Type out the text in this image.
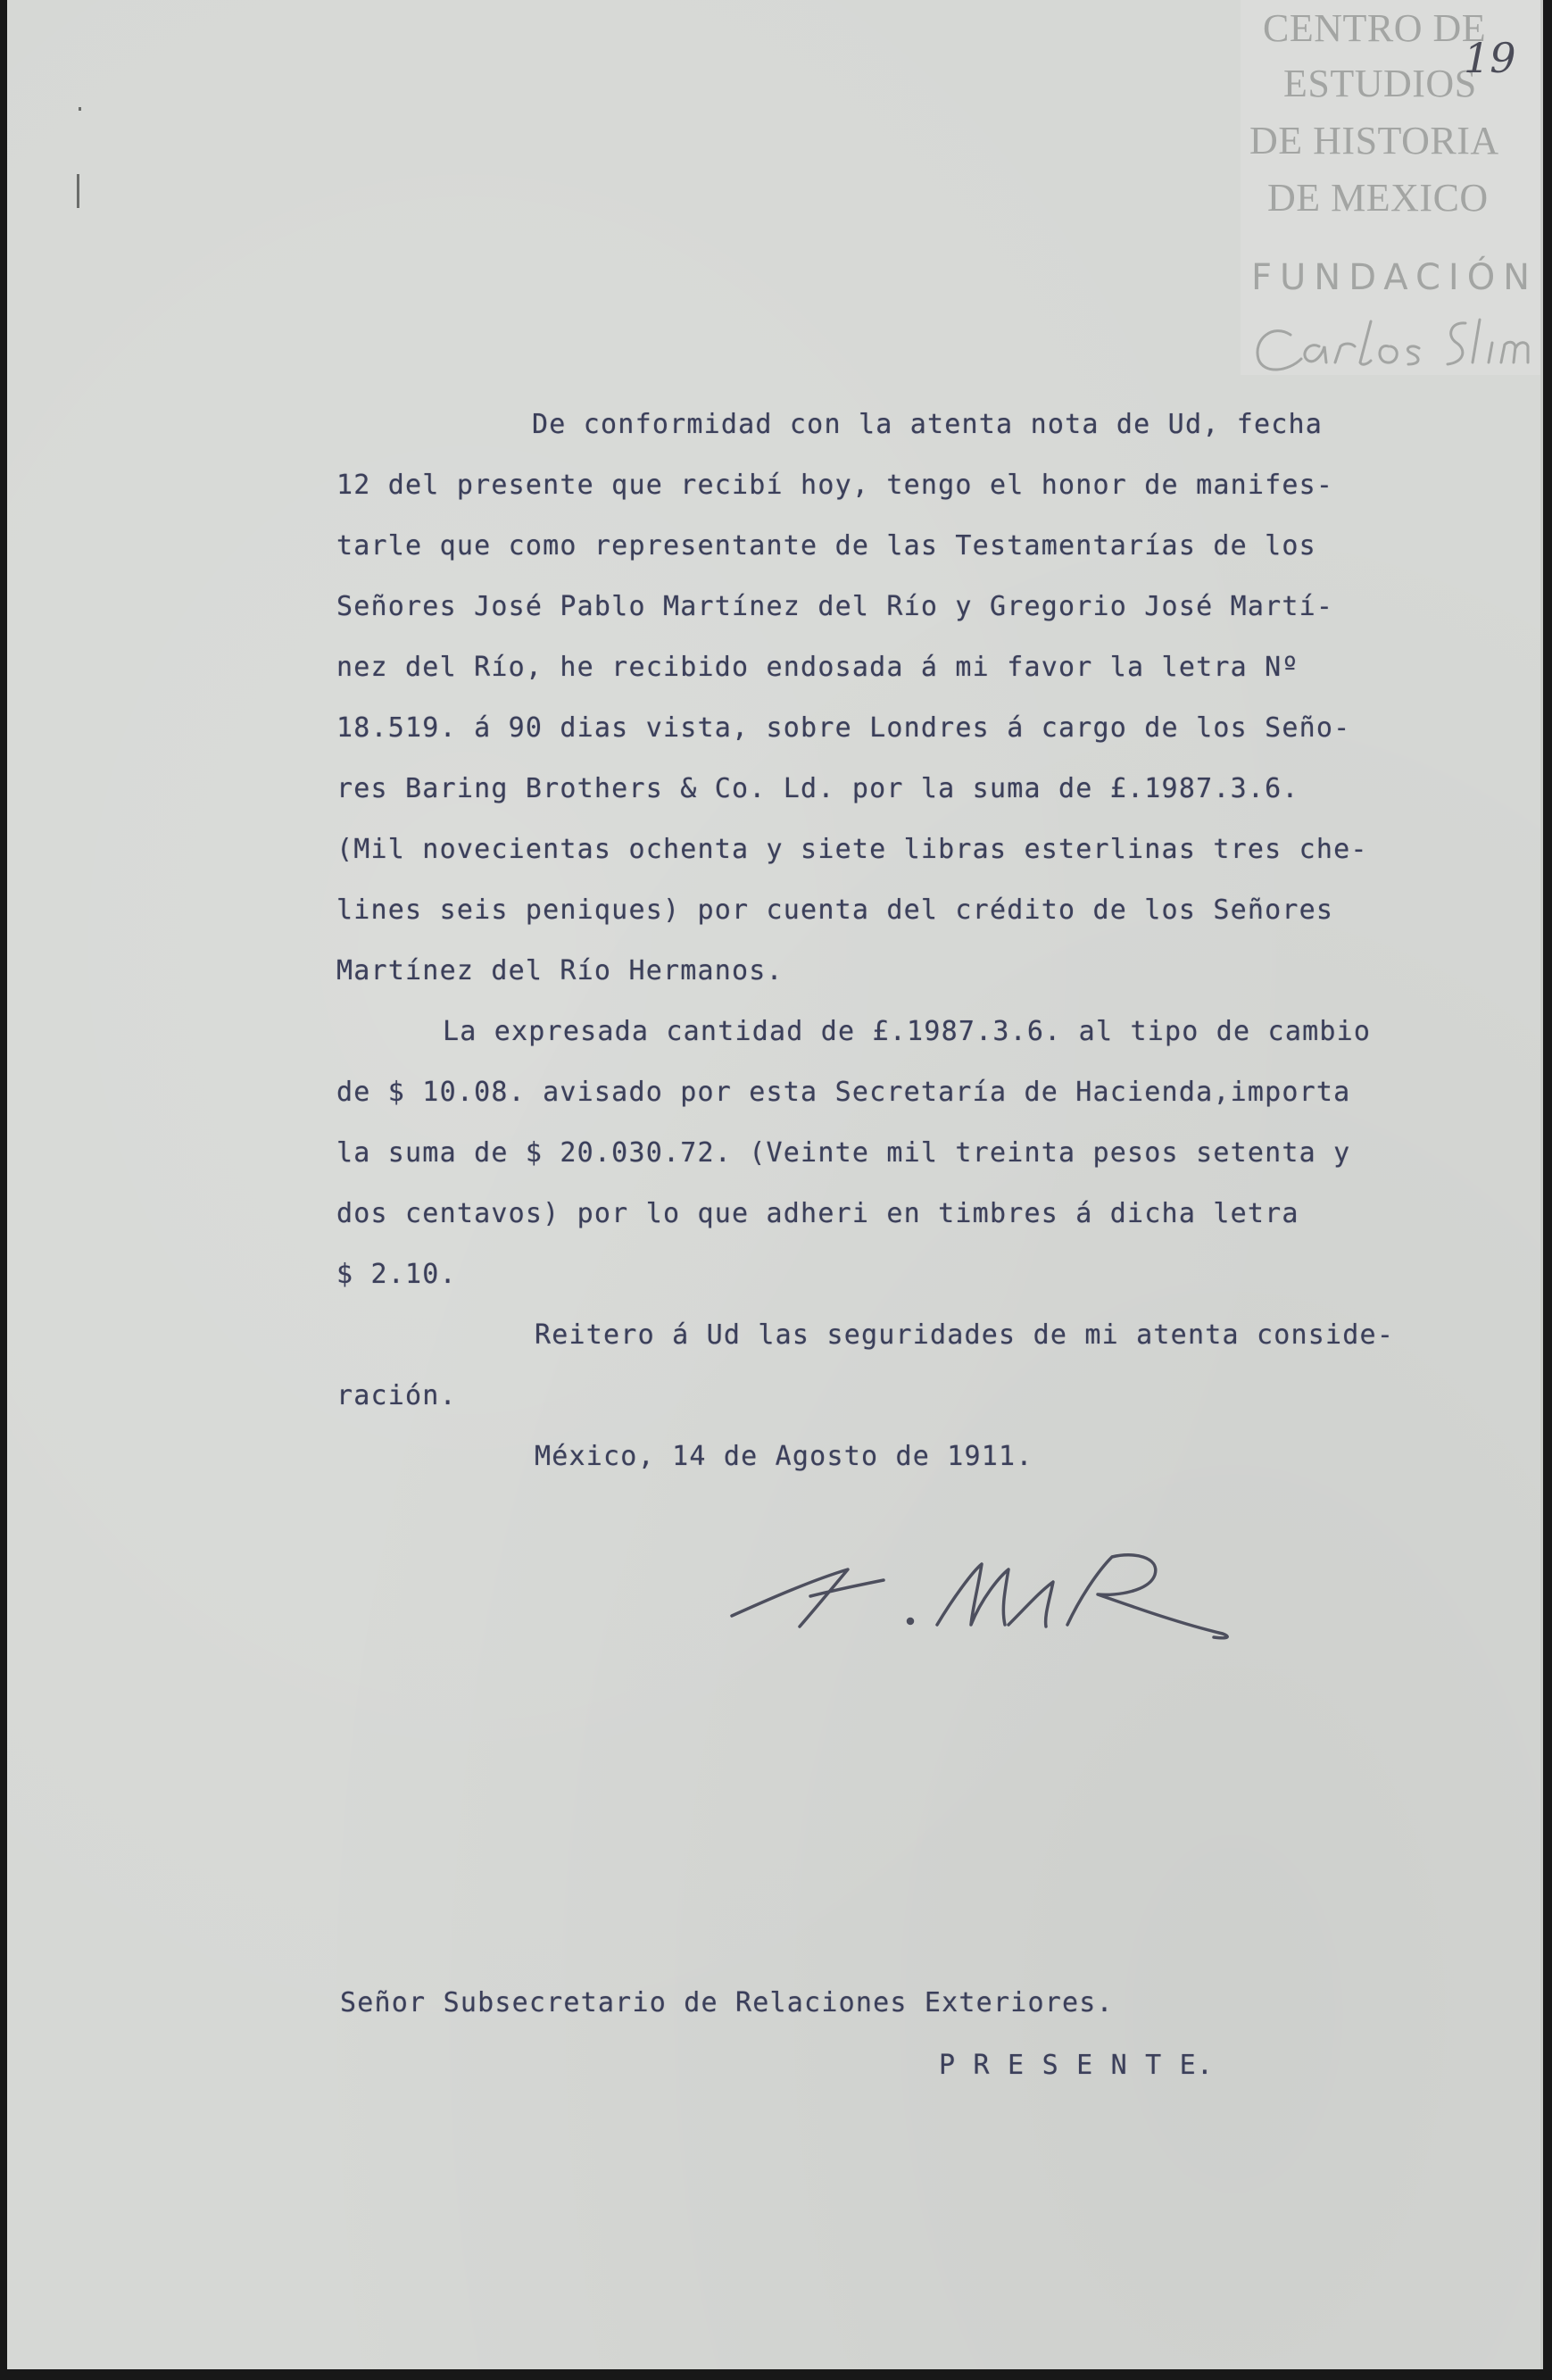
CENTRO DE
ESTUDIOS
DE HISTORIA
DE MEXICO
FUNDACIÓN
19
De conformidad con la atenta nota de Ud, fecha
12 del presente que recibí hoy, tengo el honor de manifes-
tarle que como representante de las Testamentarías de los
Señores José Pablo Martínez del Río y Gregorio José Martí-
nez del Río, he recibido endosada á mi favor la letra Nº
18.519. á 90 dias vista, sobre Londres á cargo de los Seño-
res Baring Brothers & Co. Ld. por la suma de £.1987.3.6.
(Mil novecientas ochenta y siete libras esterlinas tres che-
lines seis peniques) por cuenta del crédito de los Señores
Martínez del Río Hermanos.
La expresada cantidad de £.1987.3.6. al tipo de cambio
de $ 10.08. avisado por esta Secretaría de Hacienda,importa
la suma de $ 20.030.72. (Veinte mil treinta pesos setenta y
dos centavos) por lo que adheri en timbres á dicha letra
$ 2.10.
Reitero á Ud las seguridades de mi atenta conside-
ración.
México, 14 de Agosto de 1911.
Señor Subsecretario de Relaciones Exteriores.
P R E S E N T E.
